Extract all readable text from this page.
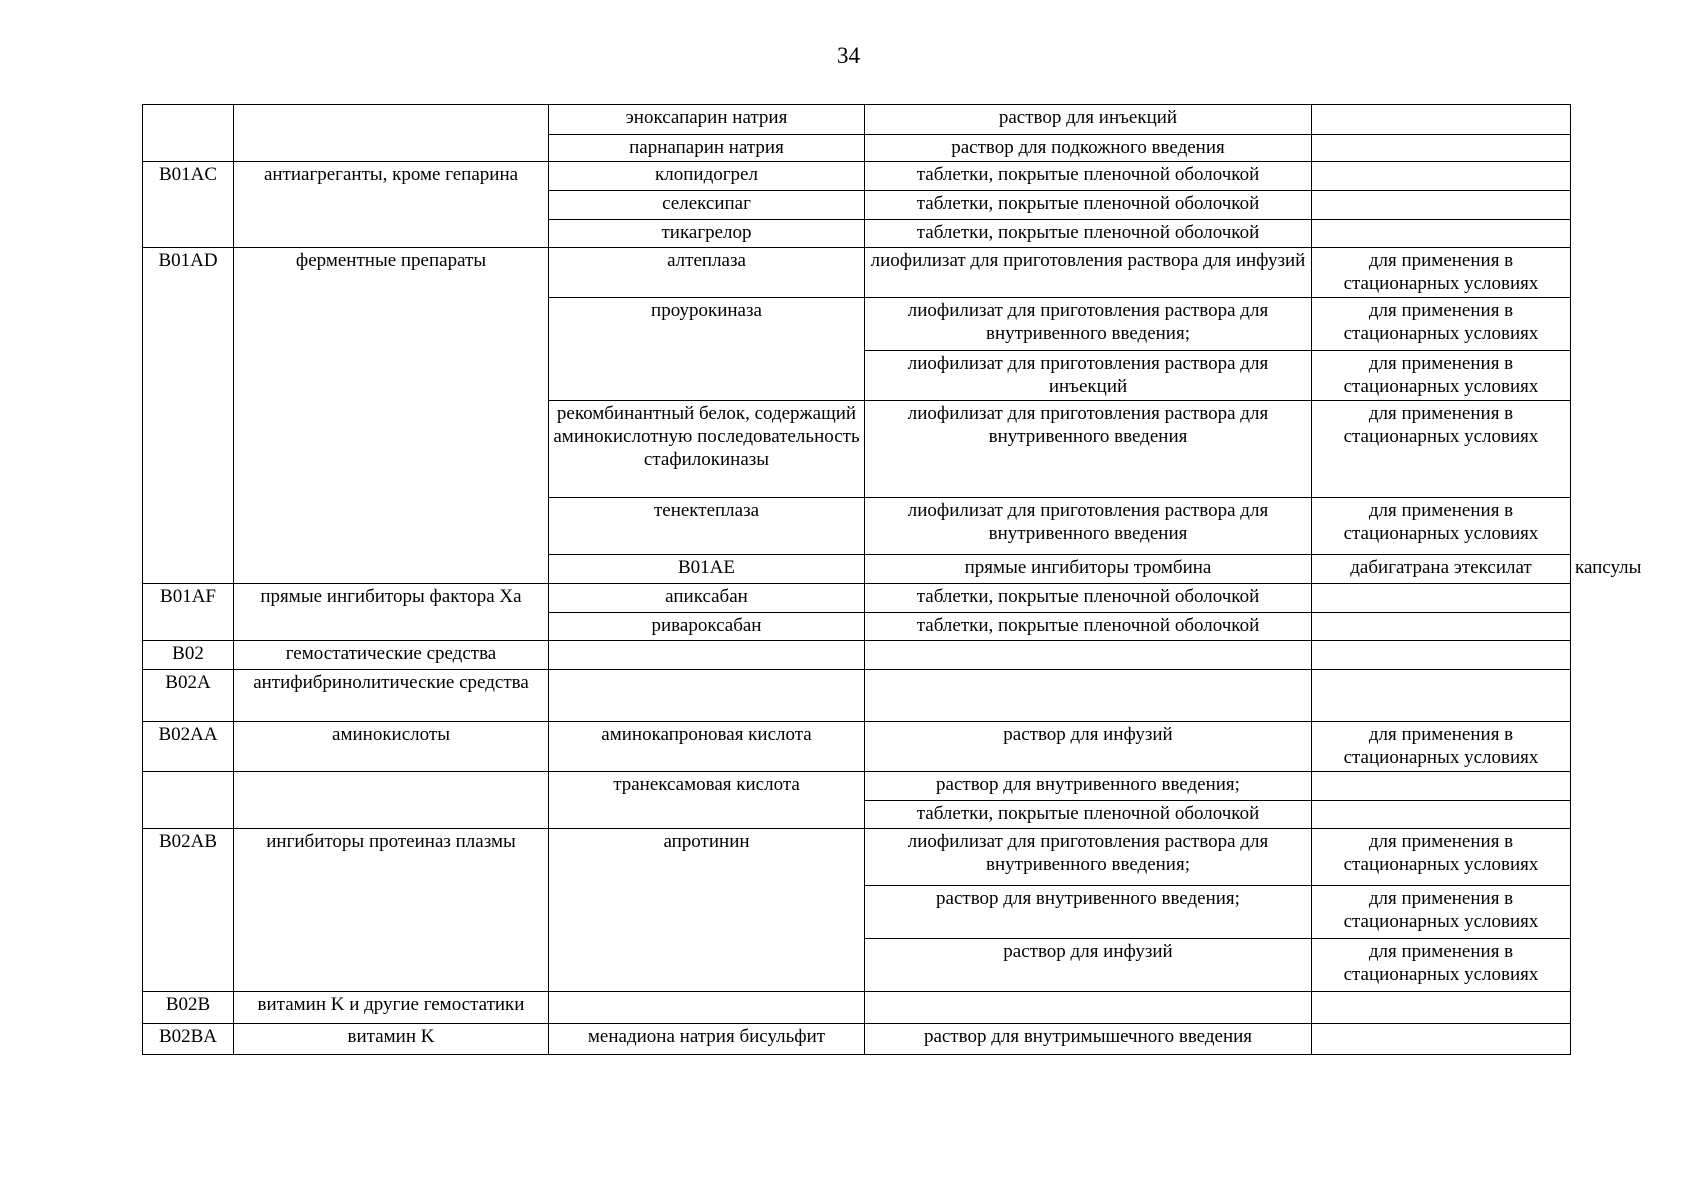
34
		эноксапарин натрия	раствор для инъекций		
		парнапарин натрия	раствор для подкожного введения		
B01AC	антиагреганты, кроме гепарина	клопидогрел	таблетки, покрытые пленочной оболочкой		
		селексипаг	таблетки, покрытые пленочной оболочкой		
		тикагрелор	таблетки, покрытые пленочной оболочкой		
B01AD	ферментные препараты	алтеплаза	лиофилизат для приготовления раствора для инфузий	для применения в стационарных условиях	
		проурокиназа	лиофилизат для приготовления раствора для внутривенного введения;	для применения в стационарных условиях	
			лиофилизат для приготовления раствора для инъекций	для применения в стационарных условиях	
		рекомбинантный белок, содержащий аминокислотную последовательность стафилокиназы	лиофилизат для приготовления раствора для внутривенного введения	для применения в стационарных условиях	
		тенектеплаза	лиофилизат для приготовления раствора для внутривенного введения	для применения в стационарных условиях	
		B01AE	прямые ингибиторы тромбина	дабигатрана этексилат	капсулы	
B01AF	прямые ингибиторы фактора Xa	апиксабан	таблетки, покрытые пленочной оболочкой		
		ривароксабан	таблетки, покрытые пленочной оболочкой		
B02	гемостатические средства				
B02A	антифибринолитические средства				
B02AA	аминокислоты	аминокапроновая кислота	раствор для инфузий	для применения в стационарных условиях	
		транексамовая кислота	раствор для внутривенного введения;		
			таблетки, покрытые пленочной оболочкой		
B02AB	ингибиторы протеиназ плазмы	апротинин	лиофилизат для приготовления раствора для внутривенного введения;	для применения в стационарных условиях	
			раствор для внутривенного введения;	для применения в стационарных условиях	
			раствор для инфузий	для применения в стационарных условиях	
B02B	витамин K и другие гемостатики				
B02BA	витамин K	менадиона натрия бисульфит	раствор для внутримышечного введения		
